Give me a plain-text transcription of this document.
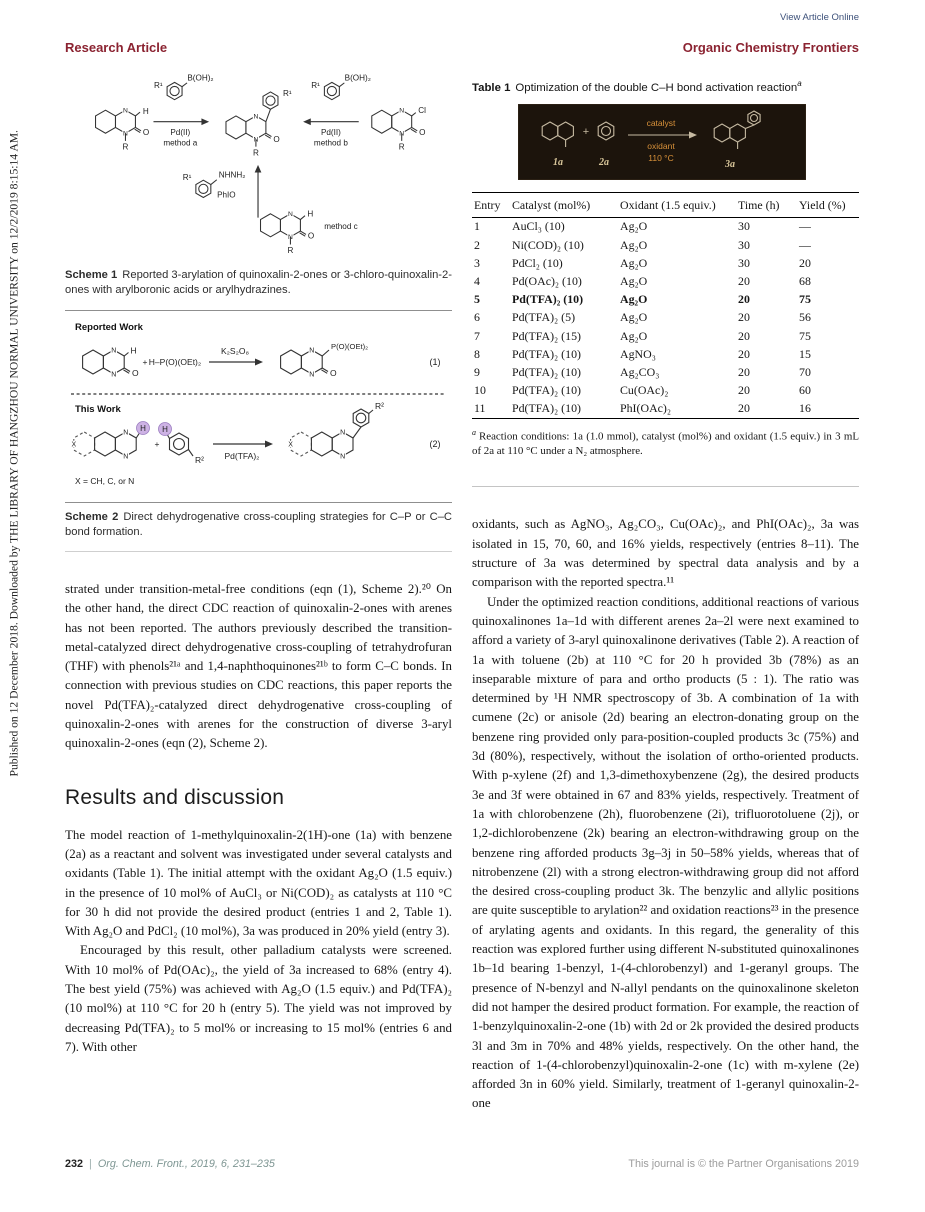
View Article Online
Research Article	Organic Chemistry Frontiers
Published on 12 December 2018. Downloaded by THE LIBRARY OF HANGZHOU NORMAL UNIVERSITY on 12/2/2019 8:15:14 AM.
N
N
H
O
R
R¹
B(OH)₂
Pd(II)
method a
N
N
R¹
O
R
R¹
B(OH)₂
Pd(II)
method b
N
N
Cl
O
R
R¹	NHNH₂
PhIO
method c
N
N
H
O
R
Scheme 1 Reported 3-arylation of quinoxalin-2-ones or 3-chloro-quinoxalin-2-ones with arylboronic acids or arylhydrazines.
Reported Work
N
N
H
O
+ H–P(O)(OEt)₂
K₂S₂O₈	N
N
P(O)(OEt)₂
O
(1)
This Work
X
N
N
H
+
H
R² Pd(TFA)₂
X
N
N
R²
(2)
X = CH, C, or N
Scheme 2 Direct dehydrogenative cross-coupling strategies for C–P or C–C bond formation.

strated under transition-metal-free conditions (eqn (1), Scheme 2).²⁰ On the other hand, the direct CDC reaction of quinoxalin-2-ones with arenes has not been reported. The authors previously described the transition-metal-catalyzed direct dehydrogenative cross-coupling of tetrahydrofuran (THF) with phenols²¹ᵃ and 1,4-naphthoquinones²¹ᵇ to form C–C bonds. In connection with previous studies on CDC reactions, this paper reports the novel Pd(TFA)₂-catalyzed direct dehydrogenative cross-coupling of quinoxalin-2-ones with arenes for the construction of diverse 3-aryl quinoxalin-2-ones (eqn (2), Scheme 2).

Results and discussion

The model reaction of 1-methylquinoxalin-2(1H)-one (1a) with benzene (2a) as a reactant and solvent was investigated under several catalysts and oxidants (Table 1). The initial attempt with the oxidant Ag₂O (1.5 equiv.) in the presence of 10 mol% of AuCl₃ or Ni(COD)₂ as catalysts at 110 °C for 30 h did not provide the desired product (entries 1 and 2, Table 1). With Ag₂O and PdCl₂ (10 mol%), 3a was produced in 20% yield (entry 3).

Encouraged by this result, other palladium catalysts were screened. With 10 mol% of Pd(OAc)₂, the yield of 3a increased to 68% (entry 4). The best yield (75%) was achieved with Ag₂O (1.5 equiv.) and Pd(TFA)₂ (10 mol%) at 110 °C for 20 h (entry 5). The yield was not improved by decreasing Pd(TFA)₂ to 5 mol% or increasing to 15 mol% (entries 6 and 7). With other

Table 1 Optimization of the double C–H bond activation reaction$^a$
1a
+
2a
catalyst
oxidant
110 °C
3a
Entry	Catalyst (mol%)	Oxidant (1.5 equiv.)	Time (h)	Yield (%)
1	AuCl₃ (10)	Ag₂O	30	—
2	Ni(COD)₂ (10)	Ag₂O	30	—
3	PdCl₂ (10)	Ag₂O	30	20
4	Pd(OAc)₂ (10)	Ag₂O	20	68
5	Pd(TFA)₂ (10)	Ag₂O	20	75
6	Pd(TFA)₂ (5)	Ag₂O	20	56
7	Pd(TFA)₂ (15)	Ag₂O	20	75
8	Pd(TFA)₂ (10)	AgNO₃	20	15
9	Pd(TFA)₂ (10)	Ag₂CO₃	20	70
10	Pd(TFA)₂ (10)	Cu(OAc)₂	20	60
11	Pd(TFA)₂ (10)	PhI(OAc)₂	20	16
$^a$ Reaction conditions: 1a (1.0 mmol), catalyst (mol%) and oxidant (1.5 equiv.) in 3 mL of 2a at 110 °C under a N₂ atmosphere.

oxidants, such as AgNO₃, Ag₂CO₃, Cu(OAc)₂, and PhI(OAc)₂, 3a was isolated in 15, 70, 60, and 16% yields, respectively (entries 8–11). The structure of 3a was determined by spectral data analysis and by a comparison with the reported spectra.¹¹

Under the optimized reaction conditions, additional reactions of various quinoxalinones 1a–1d with different arenes 2a–2l were next examined to afford a variety of 3-aryl quinoxalinone derivatives (Table 2). A reaction of 1a with toluene (2b) at 110 °C for 20 h provided 3b (78%) as an inseparable mixture of para and ortho products (5 : 1). The ratio was determined by ¹H NMR spectroscopy of 3b. A combination of 1a with cumene (2c) or anisole (2d) bearing an electron-donating group on the benzene ring provided only para-position-coupled products 3c (75%) and 3d (80%), respectively, without the isolation of ortho-oriented products. With p-xylene (2f) and 1,3-dimethoxybenzene (2g), the desired products 3e and 3f were obtained in 67 and 83% yields, respectively. Treatment of 1a with chlorobenzene (2h), fluorobenzene (2i), trifluorotoluene (2j), or 1,2-dichlorobenzene (2k) bearing an electron-withdrawing group on the benzene ring afforded products 3g–3j in 50–58% yields, whereas that of nitrobenzene (2l) with a strong electron-withdrawing group did not afford the desired cross-coupling product 3k. The benzylic and allylic positions are quite susceptible to arylation²² and oxidation reactions²³ in the presence of arylating agents and oxidants. In this regard, the generality of this reaction was explored further using different N-substituted quinoxalinones 1b–1d bearing 1-benzyl, 1-(4-chlorobenzyl) and 1-geranyl groups. The presence of N-benzyl and N-allyl pendants on the quinoxalinone skeleton did not hamper the desired product formation. For example, the reaction of 1-benzylquinoxalin-2-one (1b) with 2d or 2k provided the desired products 3l and 3m in 70% and 48% yields, respectively. On the other hand, the reaction of 1-(4-chlorobenzyl)quinoxalin-2-one (1c) with m-xylene (2e) afforded 3n in 60% yield. Similarly, treatment of 1-geranyl quinoxalin-2-one

232 | Org. Chem. Front., 2019, 6, 231–235	This journal is © the Partner Organisations 2019
